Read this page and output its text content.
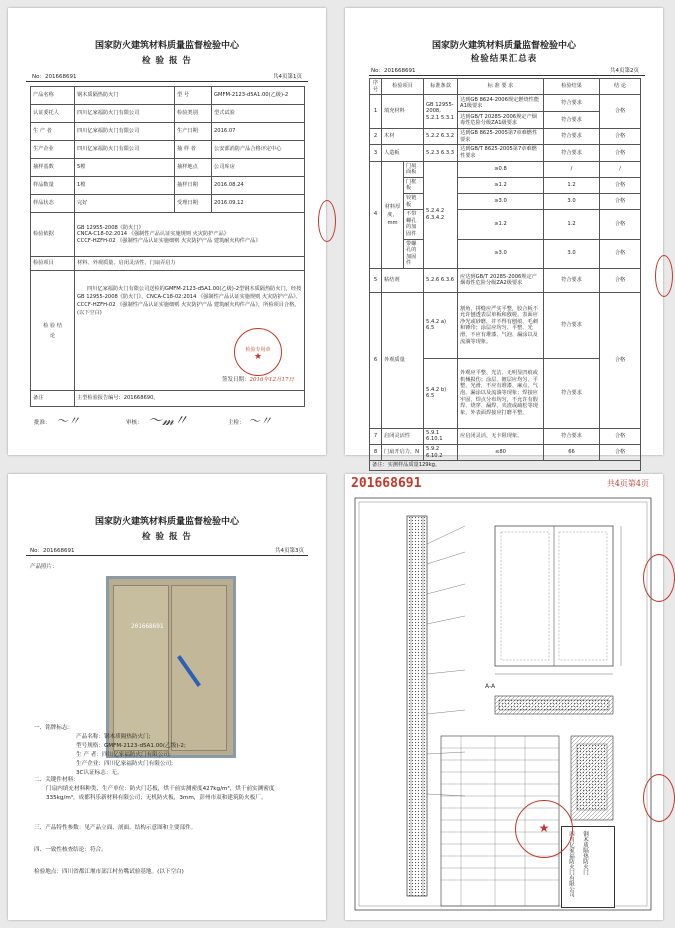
国家防火建筑材料质量监督检验中心
检 验 报 告
No：201668691	共4页第1页
产品名称	钢木质隔热防火门	型 号	GMFM-2123-d5A1.00(乙级)-2
认证委托人	四川亿家福防火门有限公司	检验类别	型式试验
生 产 者	四川亿家福防火门有限公司	生产日期	2016.07
生产企业	四川亿家福防火门有限公司	抽 样 者	公安部消防产品合格评定中心
抽样基数	5樘	抽样地点	公司库房
样品数量	1樘	抽样日期	2016.08.24
样品状态	完好	受理日期	2016.09.12
检验依据	GB 12955-2008《防火门》
CNCA-C18-02:2014 《强制性产品认证实施规则 火灾防护产品》
CCCF-HZFH-02 《强制性产品认证实施细则 火灾防护产品 建筑耐火构件产品》		

检验项目	材料、外观质量、启闭灵活性、门扇弄启力		
检 验 结 论	四川亿家福防火门有限公司送检的GMFM-2123-d5A1.00(乙级)-2型钢木质隔热防火门，经按GB 12955-2008《防火门》、CNCA-C18-02:2014 《强制性产品认证实施规则 火灾防护产品》、CCCF-HZFH-02 《强制性产品认证实施细则 火灾防护产品 建筑耐火构件产品》，所检项目合格。(以下空白)
签发日期：2016年12月17日
检验专用章
★		

备注	主型检验报告编号：201668690。		
批准： 〜〃	审核： 〜𝓂〃	主检： 〜〃
国家防火建筑材料质量监督检验中心
检验结果汇总表
No：201668691	共4页第2页
序号	检验项目		标准条款	标 准 要 求	检验结果	结 论
1	填充材料		GB 12955-2008, 5.2.1 5.3.1	达到GB 8624-2006规定燃烧性能A1级要求	符合要求	合格
				达到GB/T 20285-2006规定产烟毒性危险分级ZA1级要求	符合要求	
2	木材		5.2.2 6.3.2	达到GB 8625-2005第7章难燃性要求	符合要求	合格
3	人造板		5.2.3 6.3.3	达到GB/T 8625-2005第7章难燃性要求	符合要求	合格
4	材料厚度，mm	门扇面板	5.2.4.2 6.3.4.2	≥0.8	/	/
		门框板		≥1.2	1.2	合格
		铰链板		≥3.0	3.0	合格
		不带螺孔的加固件		≥1.2	1.2	合格
		带螺孔的加固件		≥3.0	3.0	合格
5	粘结剂		5.2.6 6.3.6	应达到GB/T 20285-2006规定产烟毒性危险分级ZA2级要求	符合要求	合格
6	外观质量		5.4.2 a) 6.5	割角、拼缝应严实平整，胶合板不允许刨透表层单板和戗槎，表面应净光或砂磨，并不得有刨痕、毛刺和锤印；涂层应均匀、平整、光滑，不应有堆漆、气泡、漏涂以及流淌等现象。	符合要求	合格
			5.4.2 b) 6.5	外观应平整、光洁、无明显凹痕或机械损伤；涂层、镀层应均匀、平整、光滑，不应有堆漆、麻点、气泡、漏涂以及流淌等现象；焊接应牢固、焊点分布均匀，不允许有假焊、烧穿、漏焊、夹渣或疏松等现象，外表面焊接应打磨平整。	符合要求	
7	启闭灵活性		5.9.1 6.10.1	应启闭灵活，无卡阻现象。	符合要求	合格
8	门扇开启力，N		5.9.2 6.10.2	≤80	66	合格
备注：实测样品质量129kg。						
国家防火建筑材料质量监督检验中心
检 验 报 告
No：201668691	共4页第3页
产品照片：
201668691
一、铭牌标志：
产品名称：钢木质隔热防火门;
型号规格：GMFM-2123-d5A1.00(乙级)-2;
生 产 者：四川亿家福防火门有限公司;
生产企业：四川亿家福防火门有限公司;
3C认证标志：无。
二、关键件材料：
门扇内填充材料种类、生产单位：防火门芯板，烘干前实测密度427kg/m³，烘干前实测密度335kg/m³，成都科乐新材料有限公司；无机防火板，3mm，彭州市双和建筑防火板厂。
三、产品特性参数：见产品立面、剖面、结构示意图和主要部件。
四、一致性核查结论：符合。
检验地点：四川省都江堰市部江村鱼嘴试验基地。(以下空白)
201668691	共4页第4页
A-A
四川亿家福防火门有限公司	钢木质隔热防火门
★
